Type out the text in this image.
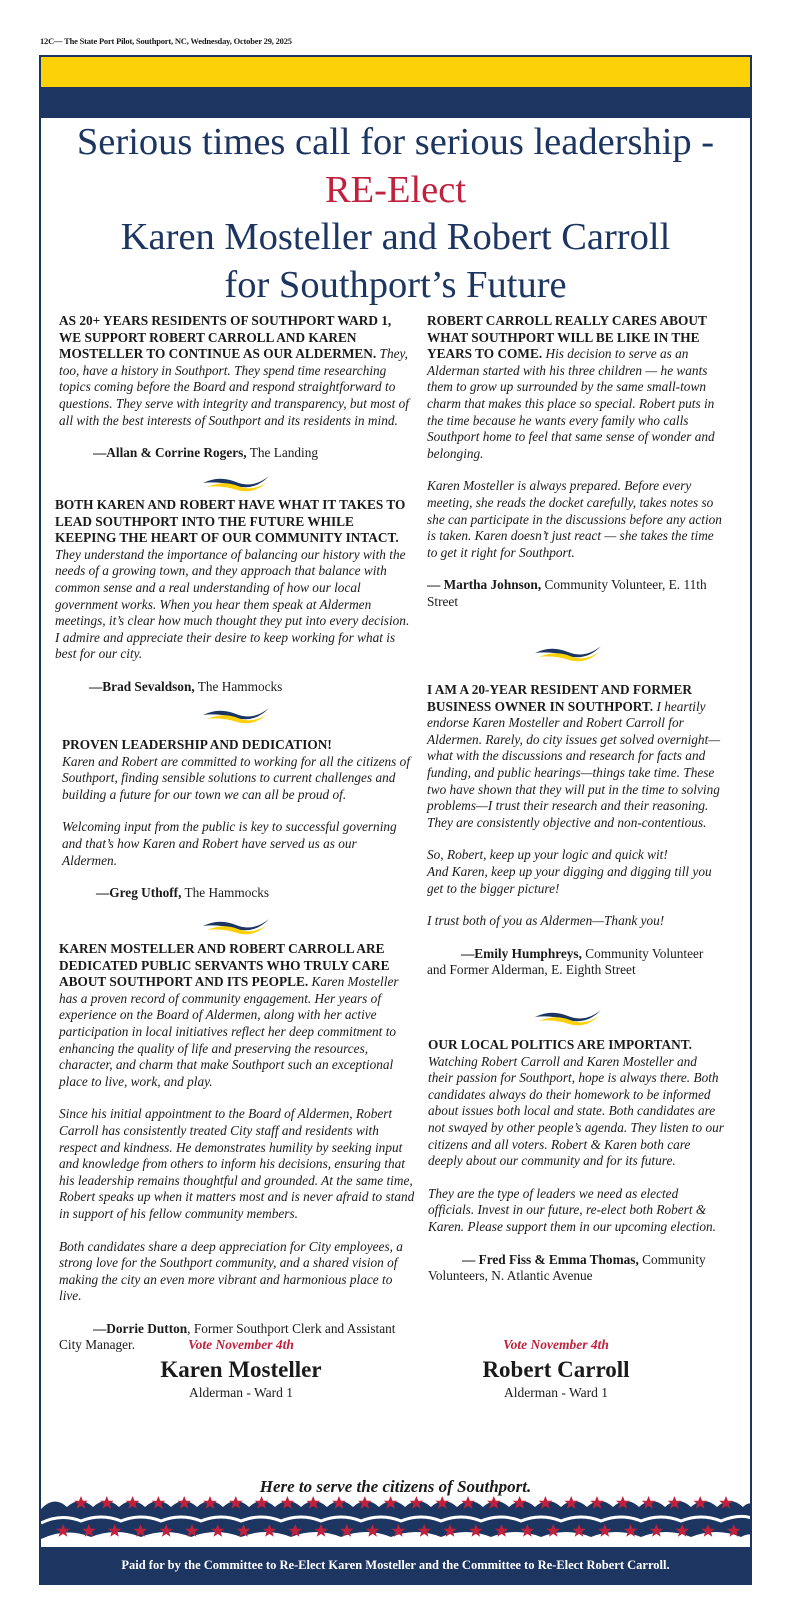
12C— The State Port Pilot, Southport, NC, Wednesday, October 29, 2025
Serious times call for serious leadership -
RE-Elect
Karen Mosteller and Robert Carroll
for Southport’s Future

AS 20+ YEARS RESIDENTS OF SOUTHPORT WARD 1, WE SUPPORT ROBERT CARROLL AND KAREN MOSTELLER TO CONTINUE AS OUR ALDERMEN. They, too, have a history in Southport. They spend time researching topics coming before the Board and respond straightforward to questions. They serve with integrity and transparency, but most of all with the best interests of Southport and its residents in mind.

—Allan & Corrine Rogers, The Landing

BOTH KAREN AND ROBERT HAVE WHAT IT TAKES TO LEAD SOUTHPORT INTO THE FUTURE WHILE KEEPING THE HEART OF OUR COMMUNITY INTACT. They understand the importance of balancing our history with the needs of a growing town, and they approach that balance with common sense and a real understanding of how our local government works. When you hear them speak at Aldermen meetings, it’s clear how much thought they put into every decision. I admire and appreciate their desire to keep working for what is best for our city.

—Brad Sevaldson, The Hammocks

PROVEN LEADERSHIP AND DEDICATION!

Karen and Robert are committed to working for all the citizens of Southport, finding sensible solutions to current challenges and building a future for our town we can all be proud of.

Welcoming input from the public is key to successful governing and that’s how Karen and Robert have served us as our Aldermen.

—Greg Uthoff, The Hammocks

KAREN MOSTELLER AND ROBERT CARROLL ARE DEDICATED PUBLIC SERVANTS WHO TRULY CARE ABOUT SOUTHPORT AND ITS PEOPLE. Karen Mosteller has a proven record of community engagement. Her years of experience on the Board of Aldermen, along with her active participation in local initiatives reflect her deep commitment to enhancing the quality of life and preserving the resources, character, and charm that make Southport such an exceptional place to live, work, and play.

Since his initial appointment to the Board of Aldermen, Robert Carroll has consistently treated City staff and residents with respect and kindness. He demonstrates humility by seeking input and knowledge from others to inform his decisions, ensuring that his leadership remains thoughtful and grounded. At the same time, Robert speaks up when it matters most and is never afraid to stand in support of his fellow community members.

Both candidates share a deep appreciation for City employees, a strong love for the Southport community, and a shared vision of making the city an even more vibrant and harmonious place to live.

—Dorrie Dutton, Former Southport Clerk and Assistant City Manager.

ROBERT CARROLL REALLY CARES ABOUT WHAT SOUTHPORT WILL BE LIKE IN THE YEARS TO COME. His decision to serve as an Alderman started with his three children — he wants them to grow up surrounded by the same small-town charm that makes this place so special. Robert puts in the time because he wants every family who calls Southport home to feel that same sense of wonder and belonging.

Karen Mosteller is always prepared. Before every meeting, she reads the docket carefully, takes notes so she can participate in the discussions before any action is taken. Karen doesn’t just react — she takes the time to get it right for Southport.

— Martha Johnson, Community Volunteer, E. 11th Street

I AM A 20-YEAR RESIDENT AND FORMER BUSINESS OWNER IN SOUTHPORT. I heartily endorse Karen Mosteller and Robert Carroll for Aldermen. Rarely, do city issues get solved overnight—what with the discussions and research for facts and funding, and public hearings—things take time. These two have shown that they will put in the time to solving problems—I trust their research and their reasoning. They are consistently objective and non-contentious.

So, Robert, keep up your logic and quick wit!

And Karen, keep up your digging and digging till you get to the bigger picture!

I trust both of you as Aldermen—Thank you!

—Emily Humphreys, Community Volunteer and Former Alderman, E. Eighth Street

OUR LOCAL POLITICS ARE IMPORTANT.

Watching Robert Carroll and Karen Mosteller and their passion for Southport, hope is always there. Both candidates always do their homework to be informed about issues both local and state. Both candidates are not swayed by other people’s agenda. They listen to our citizens and all voters. Robert & Karen both care deeply about our community and for its future.

They are the type of leaders we need as elected officials. Invest in our future, re-elect both Robert & Karen. Please support them in our upcoming election.

— Fred Fiss & Emma Thomas, Community Volunteers, N. Atlantic Avenue

Vote November 4th
Karen Mosteller
Alderman - Ward 1
Vote November 4th
Robert Carroll
Alderman - Ward 1
Here to serve the citizens of Southport.
Paid for by the Committee to Re-Elect Karen Mosteller and the Committee to Re-Elect Robert Carroll.
